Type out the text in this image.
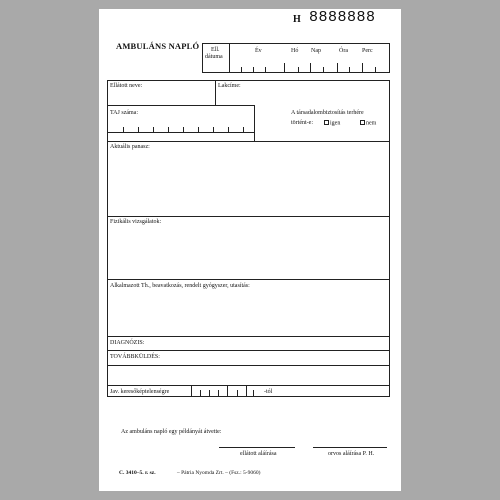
H 8888888
AMBULÁNS NAPLÓ Ell.
dátuma
Év	Hó Nap	Óra Perc
Ellátott neve:	Lakcíme:
TAJ száma:	A társadalombiztosítás terhére
történt-e:	igen	nem
Aktuális panasz:
Fizikális vizsgálatok:
Alkalmazott Th., beavatkozás, rendelt gyógyszer, utasítás:
DIAGNÓZIS:
TOVÁBBKÜLDÉS:
Jav. keresőképtelenségre	-tól
Az ambuláns napló egy példányát átvette:
ellátott aláírása	orvos aláírása P. H.
C. 3410–5. r. sz.	– Pátria Nyomda Zrt. – (Fsz.: 5-9060)
